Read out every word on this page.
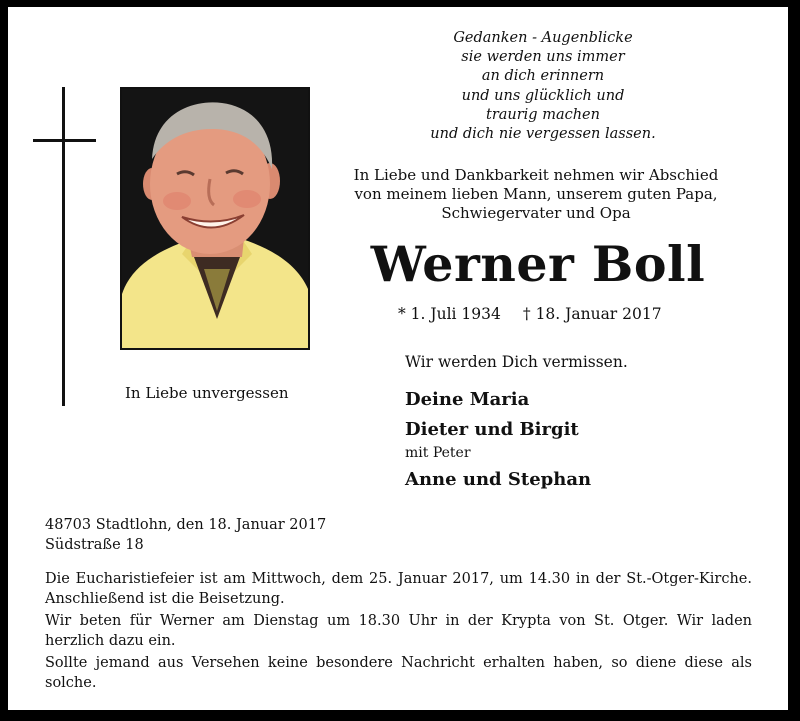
In Liebe unvergessen
Gedanken - Augenblicke
sie werden uns immer
an dich erinnern
und uns glücklich und
traurig machen
und dich nie vergessen lassen.
In Liebe und Dankbarkeit nehmen wir Abschied
von meinem lieben Mann, unserem guten Papa,
Schwiegervater und Opa
Werner Boll
* 1. Juli 1934 † 18. Januar 2017
Wir werden Dich vermissen.
Deine Maria
Dieter und Birgit
mit Peter
Anne und Stephan
48703 Stadtlohn, den 18. Januar 2017
Südstraße 18
Die Eucharistiefeier ist am Mittwoch, dem 25. Januar 2017, um 14.30 in der St.-Otger-Kirche. Anschließend ist die Beisetzung.
Wir beten für Werner am Dienstag um 18.30 Uhr in der Krypta von St. Otger. Wir laden herzlich dazu ein.
Sollte jemand aus Versehen keine besondere Nachricht erhalten haben, so diene diese als solche.
